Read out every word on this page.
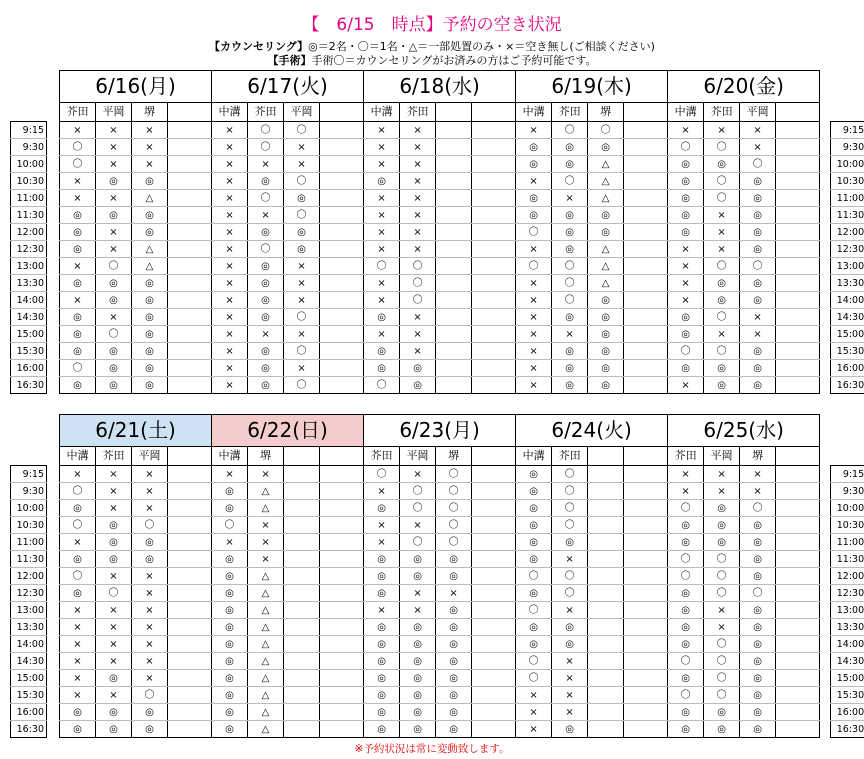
【　6/15　時点】予約の空き状況
【カウンセリング】◎＝2名・〇＝1名・△＝一部処置のみ・×＝空き無し(ご相談ください)
【手術】手術〇＝カウンセリングがお済みの方はご予約可能です。
		6/16(月)				6/17(火)				6/18(水)				6/19(木)				6/20(金)					
		芥田	平岡	堺		中溝	芥田	平岡		中溝	芥田			中溝	芥田	堺		中溝	芥田	平岡			
9:15		×	×	×		×	〇	〇		×	×			×	〇	〇		×	×	×			9:15
9:30		〇	×	×		×	〇	×		×	×			◎	◎	◎		〇	〇	×			9:30
10:00		〇	×	×		×	×	×		×	×			◎	◎	△		◎	◎	〇			10:00
10:30		×	◎	◎		×	◎	〇		◎	×			×	〇	△		◎	〇	◎			10:30
11:00		×	×	△		×	〇	◎		×	×			◎	×	△		◎	〇	◎			11:00
11:30		◎	◎	◎		×	×	〇		×	×			◎	◎	◎		◎	×	◎			11:30
12:00		◎	×	◎		×	◎	◎		×	×			〇	◎	◎		◎	×	◎			12:00
12:30		◎	×	△		×	〇	◎		×	×			×	◎	△		×	×	◎			12:30
13:00		×	〇	△		×	◎	×		〇	〇			〇	〇	△		×	〇	〇			13:00
13:30		◎	◎	◎		×	◎	×		×	〇			×	〇	△		×	◎	◎			13:30
14:00		×	◎	◎		×	◎	×		×	〇			×	〇	◎		×	◎	◎			14:00
14:30		◎	×	◎		×	◎	〇		◎	×			×	◎	◎		◎	〇	×			14:30
15:00		◎	〇	◎		×	×	×		×	×			×	×	◎		◎	×	×			15:00
15:30		◎	◎	◎		×	◎	〇		◎	×			×	◎	◎		〇	〇	◎			15:30
16:00		〇	◎	◎		×	◎	×		◎	◎			×	◎	◎		◎	◎	◎			16:00
16:30		◎	◎	◎		×	◎	〇		〇	◎			×	◎	◎		×	◎	◎			16:30
		6/21(土)				6/22(日)				6/23(月)				6/24(火)				6/25(水)					
		中溝	芥田	平岡		中溝	堺			芥田	平岡	堺		中溝	芥田			芥田	平岡	堺			
9:15		×	×	×		×	×			〇	×	〇		◎	〇			×	×	×			9:15
9:30		〇	×	×		◎	△			×	〇	〇		◎	〇			×	×	×			9:30
10:00		◎	×	×		◎	△			◎	〇	〇		◎	〇			〇	◎	〇			10:00
10:30		〇	◎	〇		〇	×			×	×	〇		◎	〇			◎	◎	◎			10:30
11:00		×	◎	◎		×	×			×	〇	〇		◎	◎			◎	◎	◎			11:00
11:30		◎	◎	◎		◎	×			◎	◎	◎		◎	×			〇	〇	◎			11:30
12:00		〇	×	×		◎	△			◎	◎	◎		〇	〇			〇	〇	◎			12:00
12:30		◎	〇	×		◎	△			◎	×	×		◎	〇			◎	〇	〇			12:30
13:00		×	×	×		◎	△			×	×	◎		〇	×			◎	×	◎			13:00
13:30		×	×	×		◎	△			◎	◎	◎		◎	◎			◎	×	◎			13:30
14:00		×	×	×		◎	△			◎	◎	◎		◎	◎			◎	〇	◎			14:00
14:30		×	×	×		◎	△			◎	◎	◎		〇	×			〇	〇	◎			14:30
15:00		×	◎	×		◎	△			◎	◎	◎		〇	×			◎	〇	◎			15:00
15:30		×	×	〇		◎	△			◎	◎	◎		×	×			〇	〇	◎			15:30
16:00		◎	◎	◎		◎	△			◎	◎	◎		×	×			◎	◎	◎			16:00
16:30		◎	◎	◎		◎	△			◎	◎	◎		×	◎			◎	◎	◎			16:30
※予約状況は常に変動致します。
